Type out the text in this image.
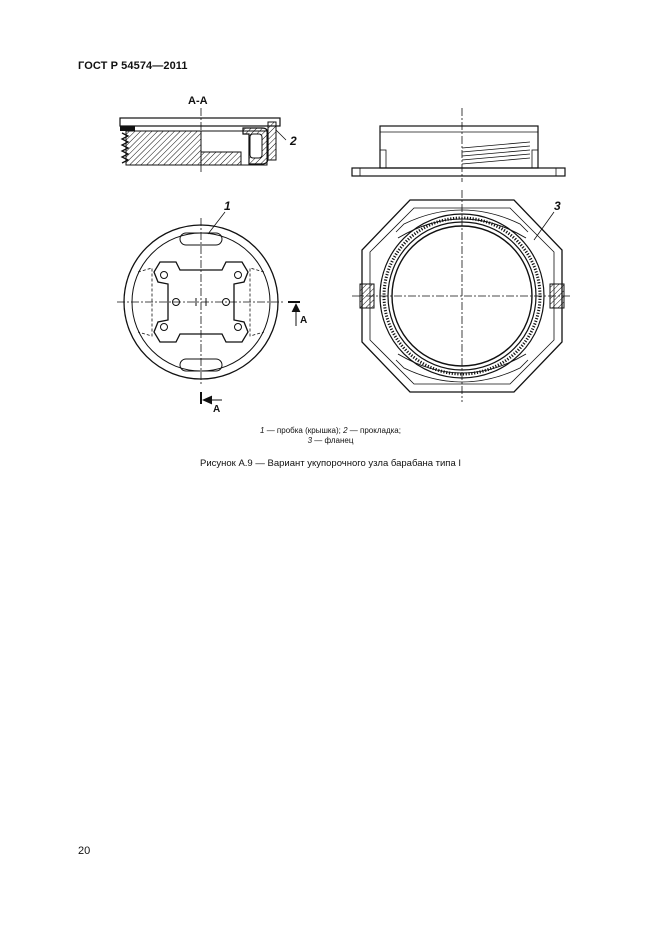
ГОСТ Р 54574—2011
А-А
2
1
А
А
3
1 — пробка (крышка); 2 — прокладка;
3 — фланец
Рисунок А.9 — Вариант укупорочного узла барабана типа I
20
